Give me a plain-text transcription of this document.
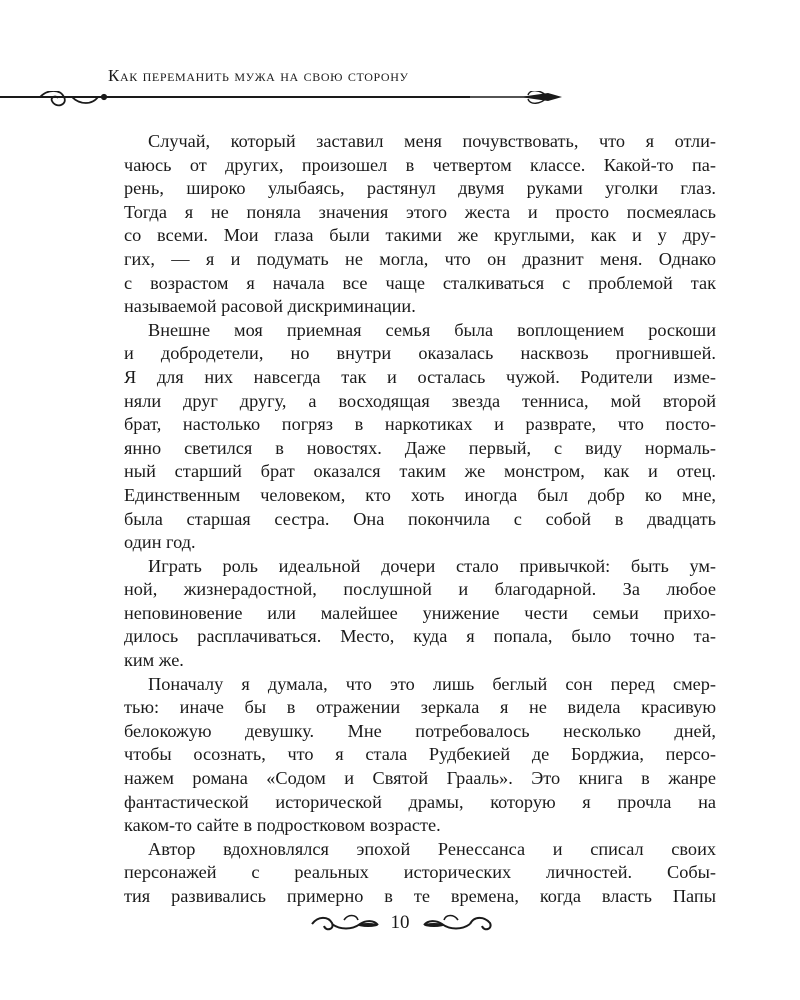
Как переманить мужа на свою сторону
Случай, который заставил меня почувствовать, что я отли-
чаюсь от других, произошел в четвертом классе. Какой-то па-
рень, широко улыбаясь, растянул двумя руками уголки глаз.
Тогда я не поняла значения этого жеста и просто посмеялась
со всеми. Мои глаза были такими же круглыми, как и у дру-
гих, — я и подумать не могла, что он дразнит меня. Однако
с возрастом я начала все чаще сталкиваться с проблемой так
называемой расовой дискриминации.
Внешне моя приемная семья была воплощением роскоши
и добродетели, но внутри оказалась насквозь прогнившей.
Я для них навсегда так и осталась чужой. Родители изме-
няли друг другу, а восходящая звезда тенниса, мой второй
брат, настолько погряз в наркотиках и разврате, что посто-
янно светился в новостях. Даже первый, с виду нормаль-
ный старший брат оказался таким же монстром, как и отец.
Единственным человеком, кто хоть иногда был добр ко мне,
была старшая сестра. Она покончила с собой в двадцать
один год.
Играть роль идеальной дочери стало привычкой: быть ум-
ной, жизнерадостной, послушной и благодарной. За любое
неповиновение или малейшее унижение чести семьи прихо-
дилось расплачиваться. Место, куда я попала, было точно та-
ким же.
Поначалу я думала, что это лишь беглый сон перед смер-
тью: иначе бы в отражении зеркала я не видела красивую
белокожую девушку. Мне потребовалось несколько дней,
чтобы осознать, что я стала Рудбекией де Борджиа, персо-
нажем романа «Содом и Святой Грааль». Это книга в жанре
фантастической исторической драмы, которую я прочла на
каком-то сайте в подростковом возрасте.
Автор вдохновлялся эпохой Ренессанса и списал своих
персонажей с реальных исторических личностей. Собы-
тия развивались примерно в те времена, когда власть Папы
10
